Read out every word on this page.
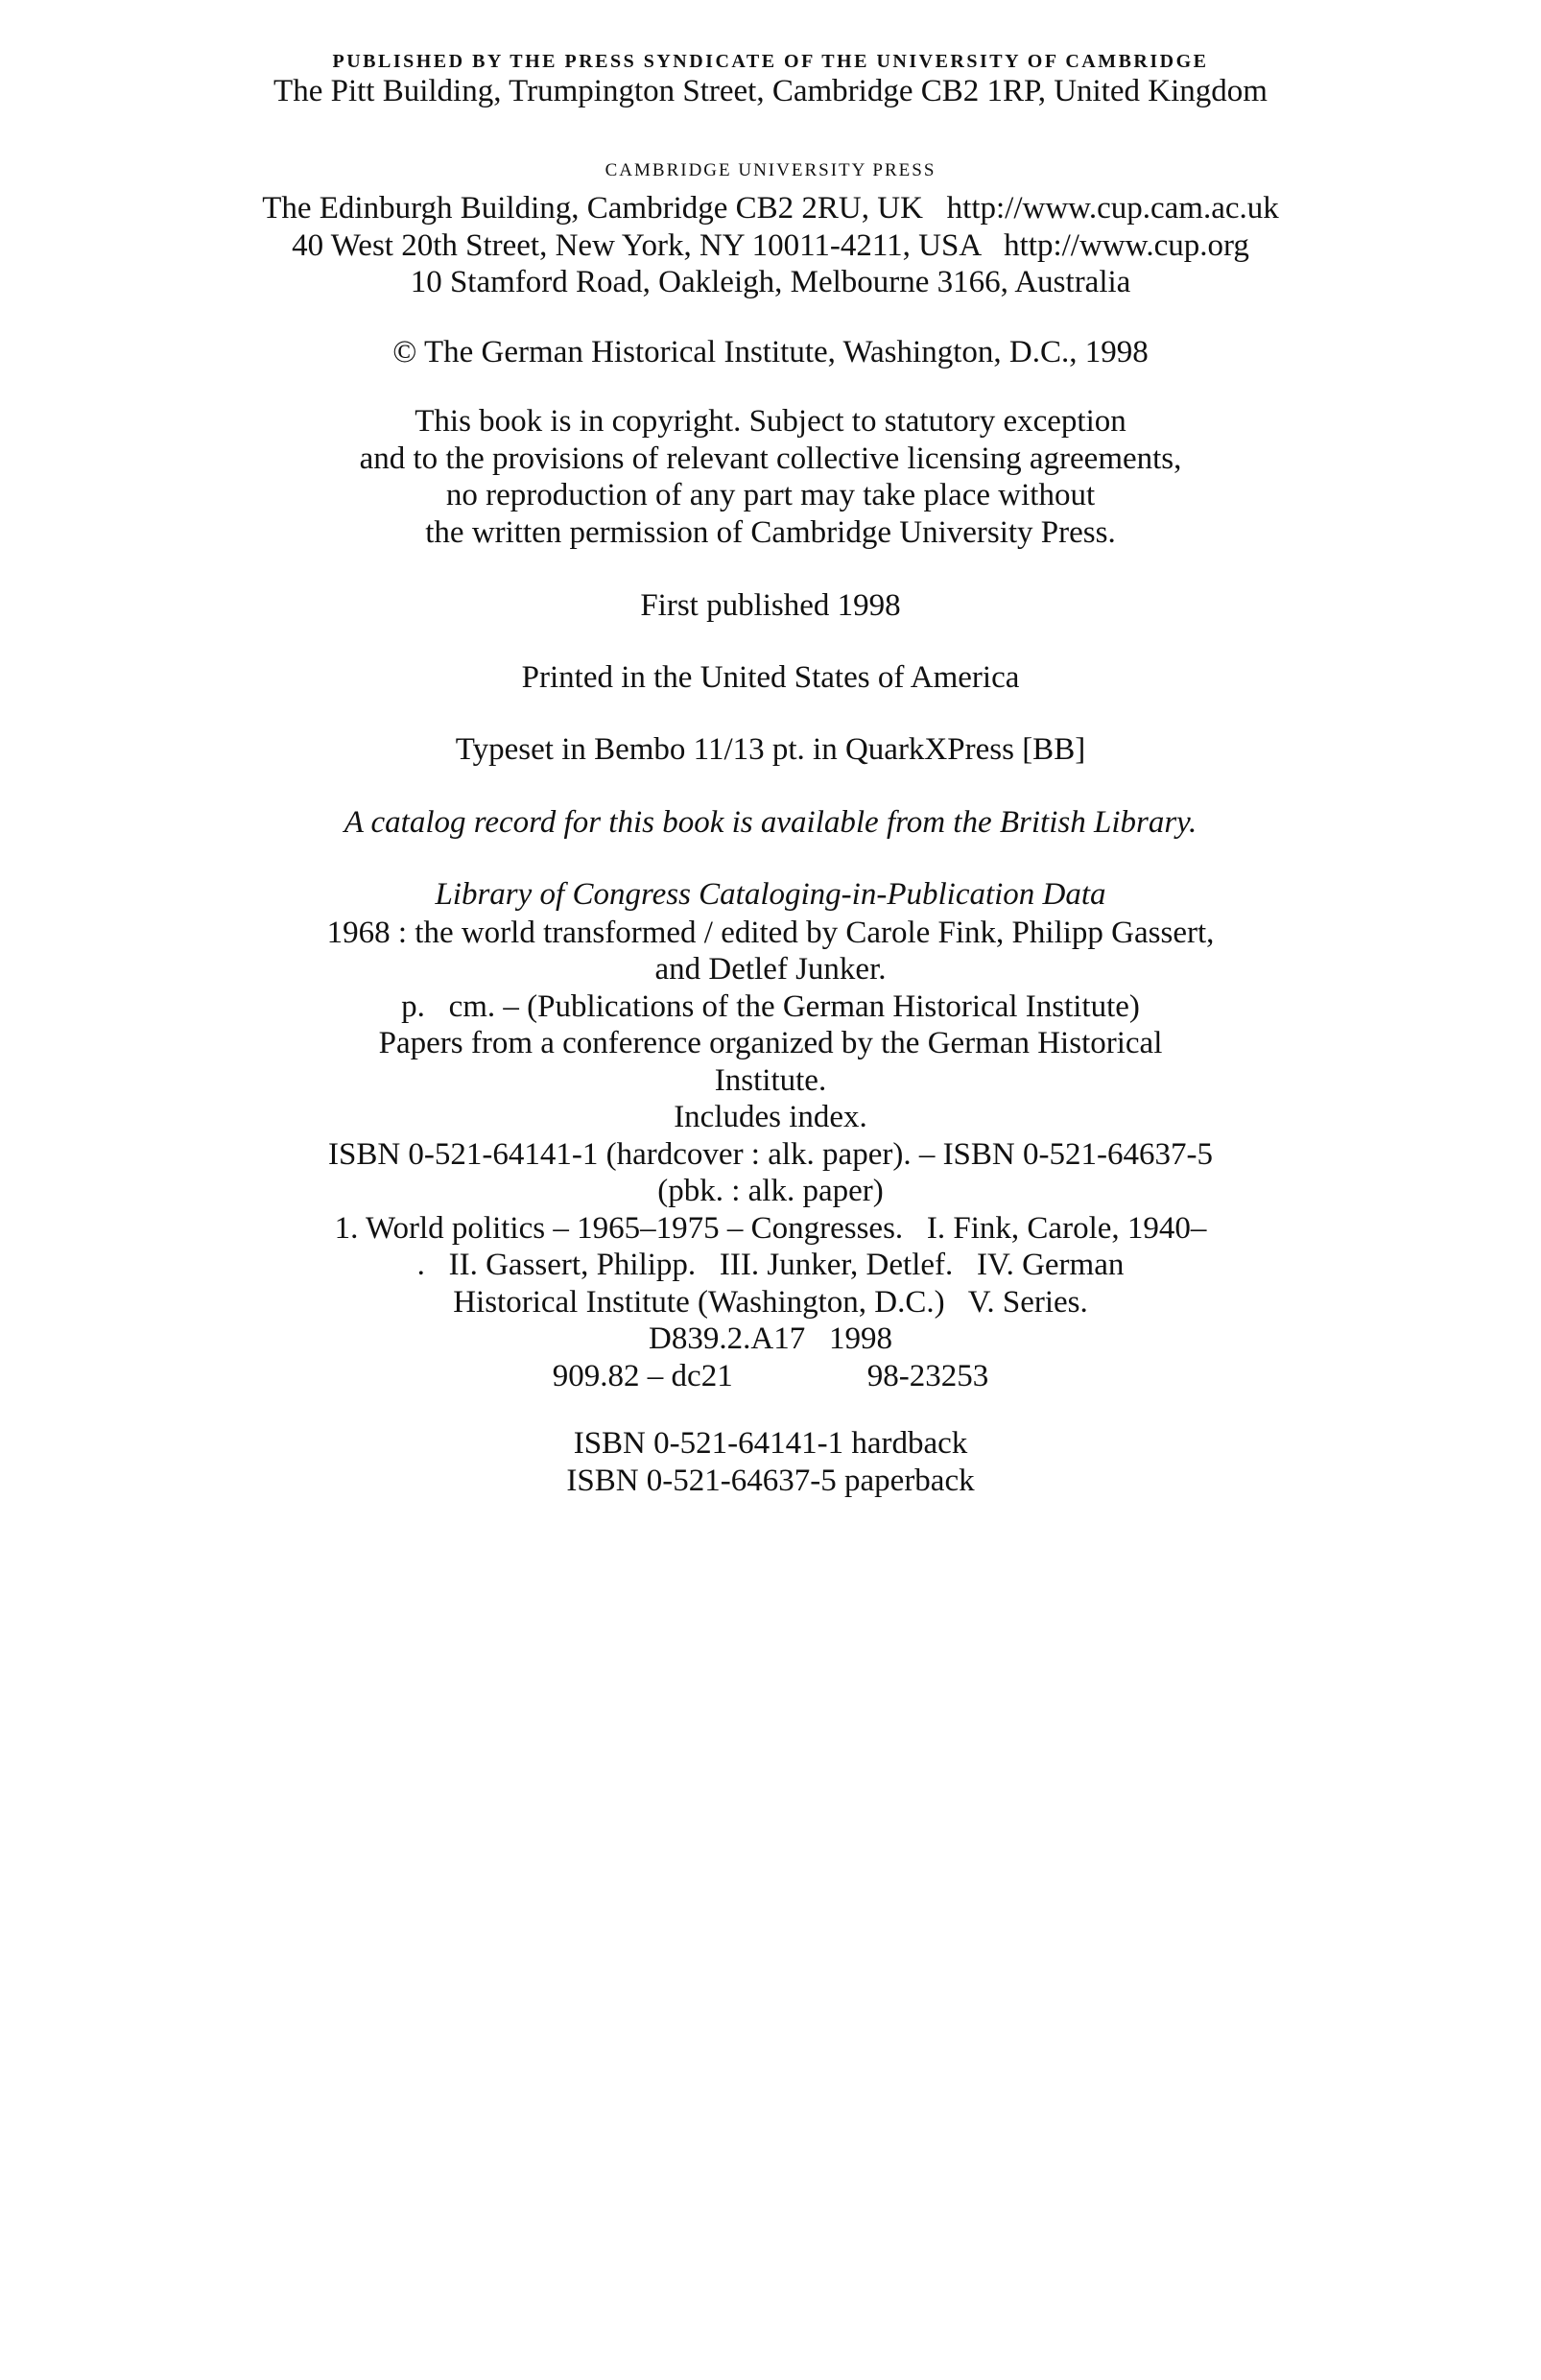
PUBLISHED BY THE PRESS SYNDICATE OF THE UNIVERSITY OF CAMBRIDGE
The Pitt Building, Trumpington Street, Cambridge CB2 1RP, United Kingdom
CAMBRIDGE UNIVERSITY PRESS
The Edinburgh Building, Cambridge CB2 2RU, UK   http://www.cup.cam.ac.uk
40 West 20th Street, New York, NY 10011-4211, USA   http://www.cup.org
10 Stamford Road, Oakleigh, Melbourne 3166, Australia
© The German Historical Institute, Washington, D.C., 1998
This book is in copyright. Subject to statutory exception
and to the provisions of relevant collective licensing agreements,
no reproduction of any part may take place without
the written permission of Cambridge University Press.
First published 1998
Printed in the United States of America
Typeset in Bembo 11/13 pt. in QuarkXPress [BB]
A catalog record for this book is available from the British Library.
Library of Congress Cataloging-in-Publication Data
1968 : the world transformed / edited by Carole Fink, Philipp Gassert,
and Detlef Junker.
p.   cm. – (Publications of the German Historical Institute)
Papers from a conference organized by the German Historical
Institute.
Includes index.
ISBN 0-521-64141-1 (hardcover : alk. paper). – ISBN 0-521-64637-5
(pbk. : alk. paper)
1. World politics – 1965–1975 – Congresses.   I. Fink, Carole, 1940–
.   II. Gassert, Philipp.   III. Junker, Detlef.   IV. German
Historical Institute (Washington, D.C.)   V. Series.
D839.2.A17   1998
909.82 – dc21	98-23253
ISBN 0-521-64141-1 hardback
ISBN 0-521-64637-5 paperback
